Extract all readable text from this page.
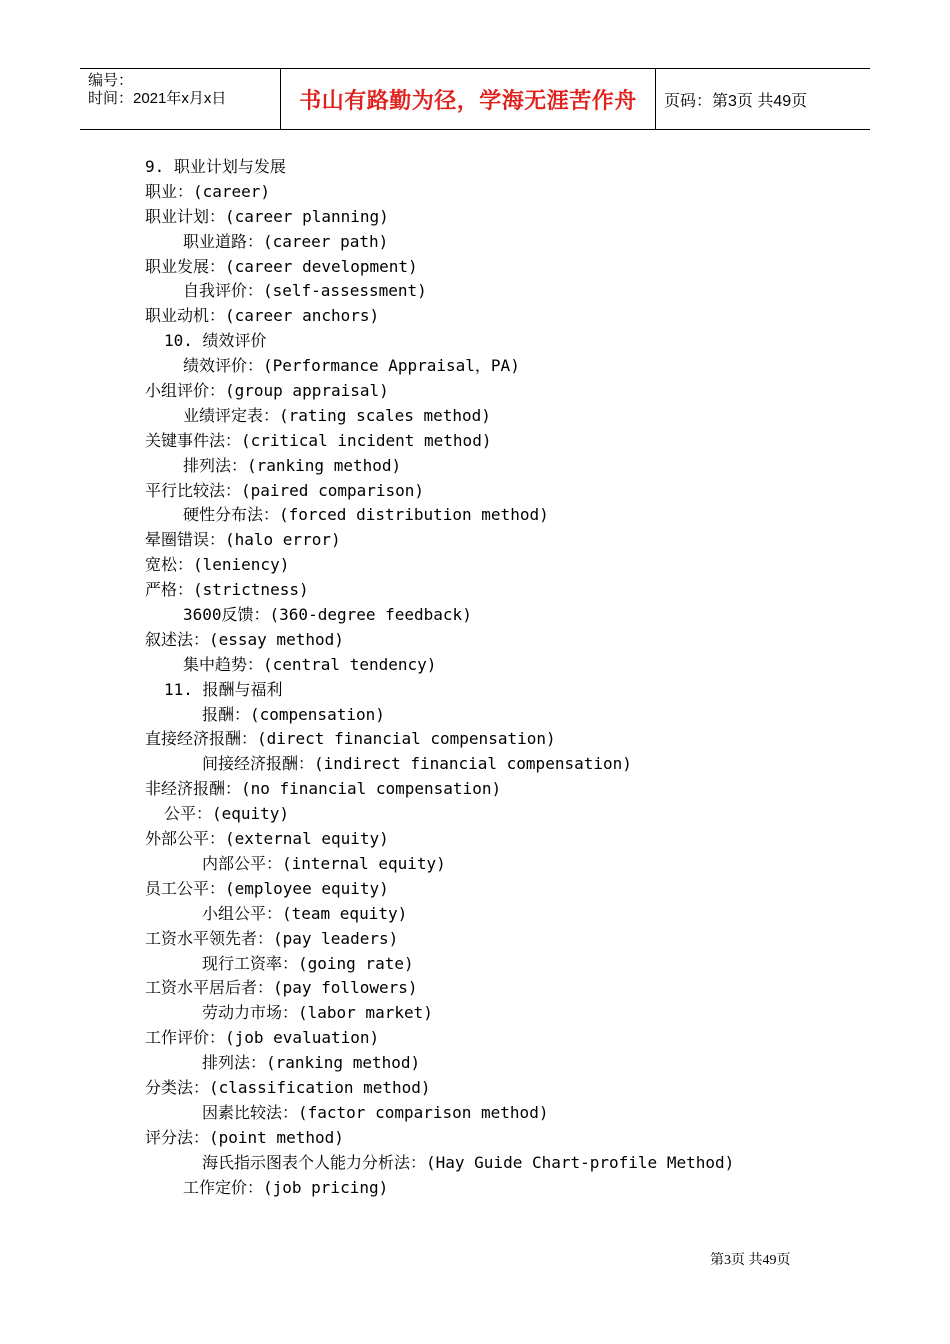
编号：
时间：2021年x月x日	书山有路勤为径，学海无涯苦作舟 页码：第3页 共49页
9. 职业计划与发展
职业：(career)
职业计划：(career planning)
职业道路：(career path)
职业发展：(career development)
自我评价：(self-assessment)
职业动机：(career anchors)
10. 绩效评价
绩效评价：(Performance Appraisal，PA)
小组评价：(group appraisal)
业绩评定表：(rating scales method)
关键事件法：(critical incident method)
排列法：(ranking method)
平行比较法：(paired comparison)
硬性分布法：(forced distribution method)
晕圈错误：(halo error)
宽松：(leniency)
严格：(strictness)
3600反馈：(360-degree feedback)
叙述法：(essay method)
集中趋势：(central tendency)
11. 报酬与福利
报酬：(compensation)
直接经济报酬：(direct financial compensation)
间接经济报酬：(indirect financial compensation)
非经济报酬：(no financial compensation)
公平：(equity)
外部公平：(external equity)
内部公平：(internal equity)
员工公平：(employee equity)
小组公平：(team equity)
工资水平领先者：(pay leaders)
现行工资率：(going rate)
工资水平居后者：(pay followers)
劳动力市场：(labor market)
工作评价：(job evaluation)
排列法：(ranking method)
分类法：(classification method)
因素比较法：(factor comparison method)
评分法：(point method)
海氏指示图表个人能力分析法：(Hay Guide Chart-profile Method)
工作定价：(job pricing)
第3页 共49页
